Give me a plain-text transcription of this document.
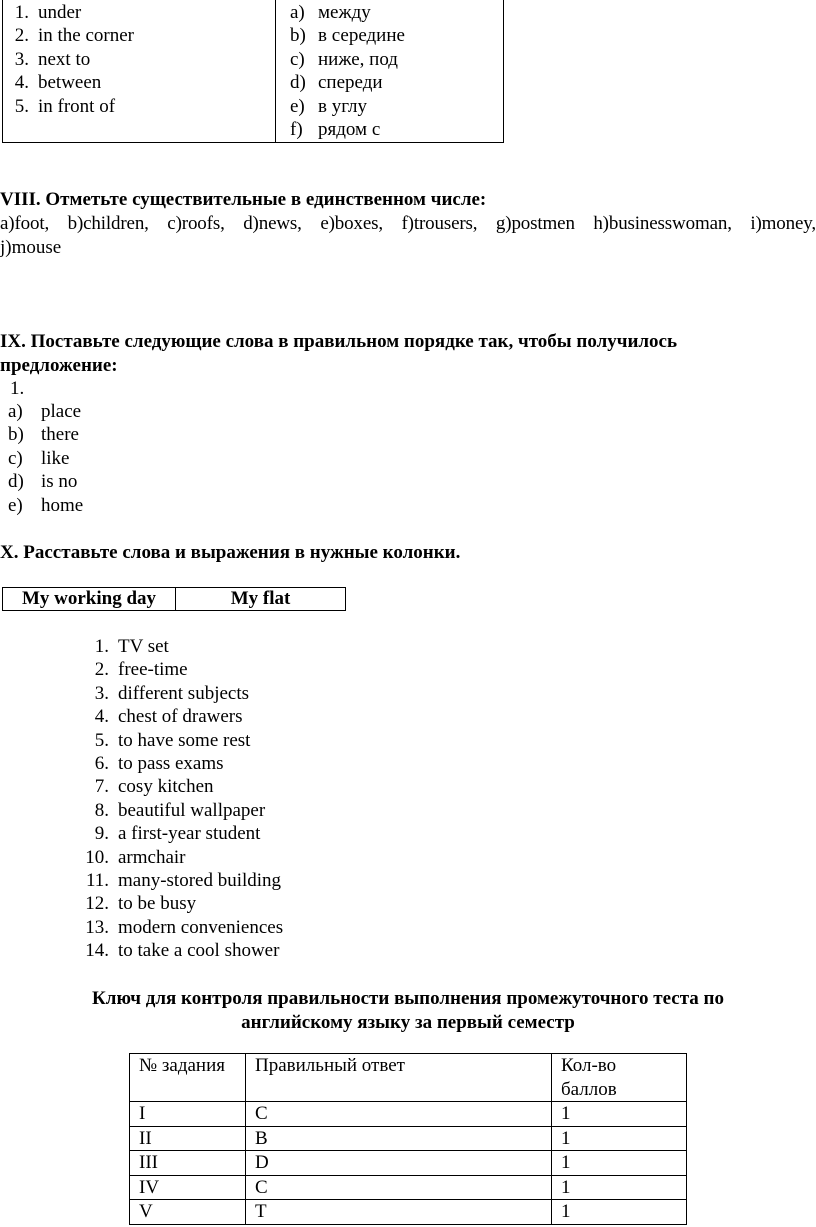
1. under
2. in the corner
3. next to
4. between
5. in front of

a) между
b) в середине
c) ниже, под
d) спереди
e) в углу
f) рядом с
VIII. Отметьте существительные в единственном числе:
a)foot, b)children, c)roofs, d)news, e)boxes, f)trousers, g)postmen h)businesswoman, i)money,
j)mouse
IX. Поставьте следующие слова в правильном порядке так, чтобы получилось
предложение:
1.
a) place
b) there
c) like
d) is no
e) home
X. Расставьте слова и выражения в нужные колонки.
My working day	My flat
1. TV set
2. free-time
3. different subjects
4. chest of drawers
5. to have some rest
6. to pass exams
7. cosy kitchen
8. beautiful wallpaper
9. a first-year student
10. armchair
11. many-stored building
12. to be busy
13. modern conveniences
14. to take a cool shower
Ключ для контроля правильности выполнения промежуточного теста по
английскому языку за первый семестр
№ задания	Правильный ответ	Кол-во баллов

I	C	1
II	B	1
III	D	1
IV	C	1
V	T	1
